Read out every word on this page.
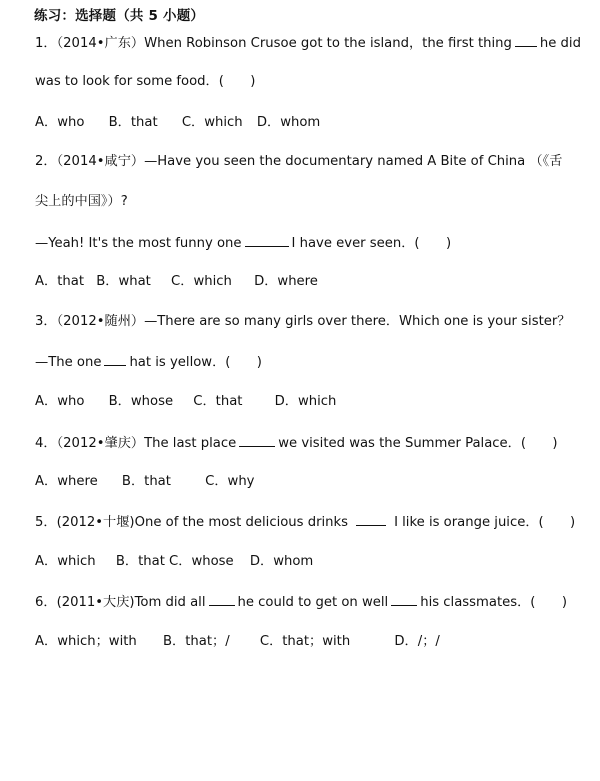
练习：选择题（共 5 小题）
1．（2014•广东）When Robinson Crusoe got to the island，the first thing he did
was to look for some food．(　　)
A．who B．that C．which D．whom
2．（2014•咸宁）—Have you seen the documentary named A Bite of China （《舌
尖上的中国》）?
—Yeah! It's the most funny one	I have ever seen．(　　)
A．that B．what C．which D．where
3．（2012•随州）—There are so many girls over there．Which one is your sister？
—The one hat is yellow．(　　)
A．who B．whose C．that D．which
4．（2012•肇庆）The last place	we visited was the Summer Palace．(　　)
A．where B．that	C．why
5．(2012•十堰)One of the most delicious drinks	I like is orange juice．(　　)
A．which B．that C．whose D．whom
6．(2011•大庆)Tom did all he could to get on well his classmates．(　　)
A．which；with B．that；/ C．that；with	D．/；/
